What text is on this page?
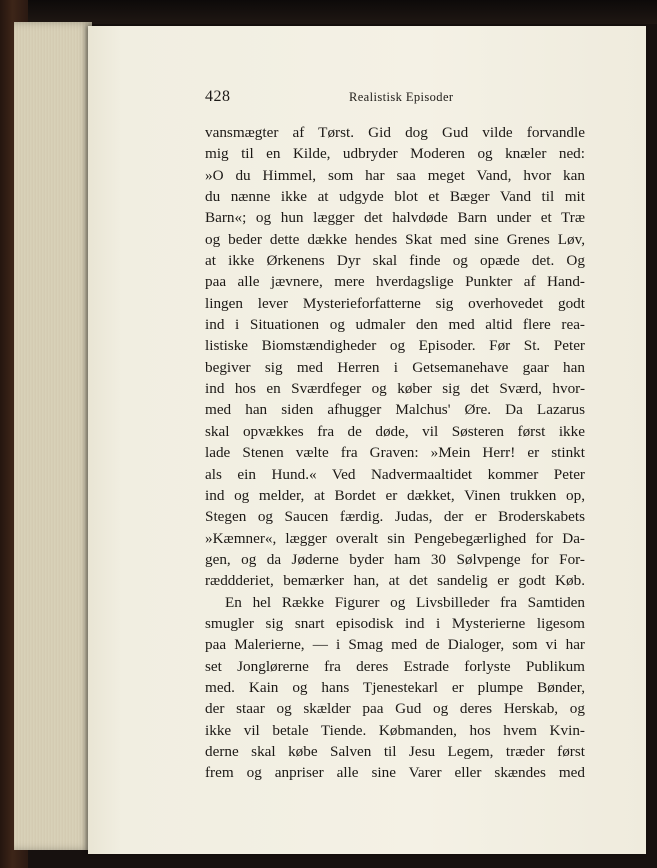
428	Realistisk Episoder
vansmægter af Tørst. Gid dog Gud vilde forvandle
mig til en Kilde, udbryder Moderen og knæler ned:
»O du Himmel, som har saa meget Vand, hvor kan
du nænne ikke at udgyde blot et Bæger Vand til mit
Barn«; og hun lægger det halvdøde Barn under et Træ
og beder dette dække hendes Skat med sine Grenes Løv,
at ikke Ørkenens Dyr skal finde og opæde det. Og
paa alle jævnere, mere hverdagslige Punkter af Hand-
lingen lever Mysterieforfatterne sig overhovedet godt
ind i Situationen og udmaler den med altid flere rea-
listiske Biomstændigheder og Episoder. Før St. Peter
begiver sig med Herren i Getsemanehave gaar han
ind hos en Sværdfeger og køber sig det Sværd, hvor-
med han siden afhugger Malchus' Øre. Da Lazarus
skal opvækkes fra de døde, vil Søsteren først ikke
lade Stenen vælte fra Graven: »Mein Herr! er stinkt
als ein Hund.« Ved Nadvermaaltidet kommer Peter
ind og melder, at Bordet er dækket, Vinen trukken op,
Stegen og Saucen færdig. Judas, der er Broderskabets
»Kæmner«, lægger overalt sin Pengebegærlighed for Da-
gen, og da Jøderne byder ham 30 Sølvpenge for For-
ræddderiet, bemærker han, at det sandelig er godt Køb.
En hel Række Figurer og Livsbilleder fra Samtiden
smugler sig snart episodisk ind i Mysterierne ligesom
paa Malerierne, — i Smag med de Dialoger, som vi har
set Jonglørerne fra deres Estrade forlyste Publikum
med. Kain og hans Tjenestekarl er plumpe Bønder,
der staar og skælder paa Gud og deres Herskab, og
ikke vil betale Tiende. Købmanden, hos hvem Kvin-
derne skal købe Salven til Jesu Legem, træder først
frem og anpriser alle sine Varer eller skændes med
